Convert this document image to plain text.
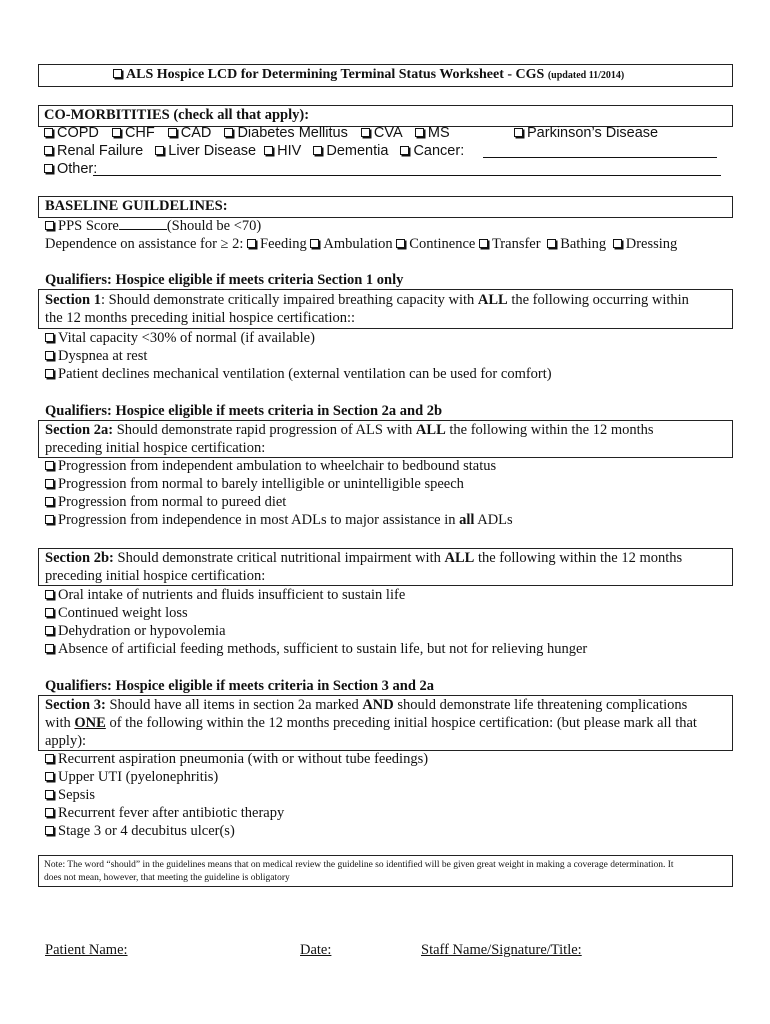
ALS Hospice LCD for Determining Terminal Status Worksheet - CGS (updated 11/2014)
CO-MORBITITIES (check all that apply):
COPD CHF CAD Diabetes Mellitus CVA MS	Parkinson’s Disease
Renal Failure Liver Disease HIV Dementia Cancer:
Other:
BASELINE GUILDELINES:
PPS Score	(Should be <70)
Dependence on assistance for ≥ 2: Feeding Ambulation Continence Transfer Bathing Dressing
Qualifiers: Hospice eligible if meets criteria Section 1 only
Section 1: Should demonstrate critically impaired breathing capacity with ALL the following occurring within
the 12 months preceding initial hospice certification::
Vital capacity <30% of normal (if available)
Dyspnea at rest
Patient declines mechanical ventilation (external ventilation can be used for comfort)
Qualifiers: Hospice eligible if meets criteria in Section 2a and 2b
Section 2a: Should demonstrate rapid progression of ALS with ALL the following within the 12 months
preceding initial hospice certification:
Progression from independent ambulation to wheelchair to bedbound status
Progression from normal to barely intelligible or unintelligible speech
Progression from normal to pureed diet
Progression from independence in most ADLs to major assistance in all ADLs
Section 2b: Should demonstrate critical nutritional impairment with ALL the following within the 12 months
preceding initial hospice certification:
Oral intake of nutrients and fluids insufficient to sustain life
Continued weight loss
Dehydration or hypovolemia
Absence of artificial feeding methods, sufficient to sustain life, but not for relieving hunger
Qualifiers: Hospice eligible if meets criteria in Section 3 and 2a
Section 3: Should have all items in section 2a marked AND should demonstrate life threatening complications
with ONE of the following within the 12 months preceding initial hospice certification: (but please mark all that
apply):
Recurrent aspiration pneumonia (with or without tube feedings)
Upper UTI (pyelonephritis)
Sepsis
Recurrent fever after antibiotic therapy
Stage 3 or 4 decubitus ulcer(s)
Note: The word “should” in the guidelines means that on medical review the guideline so identified will be given great weight in making a coverage determination. It
does not mean, however, that meeting the guideline is obligatory
Patient Name:	Date:	Staff Name/Signature/Title:
